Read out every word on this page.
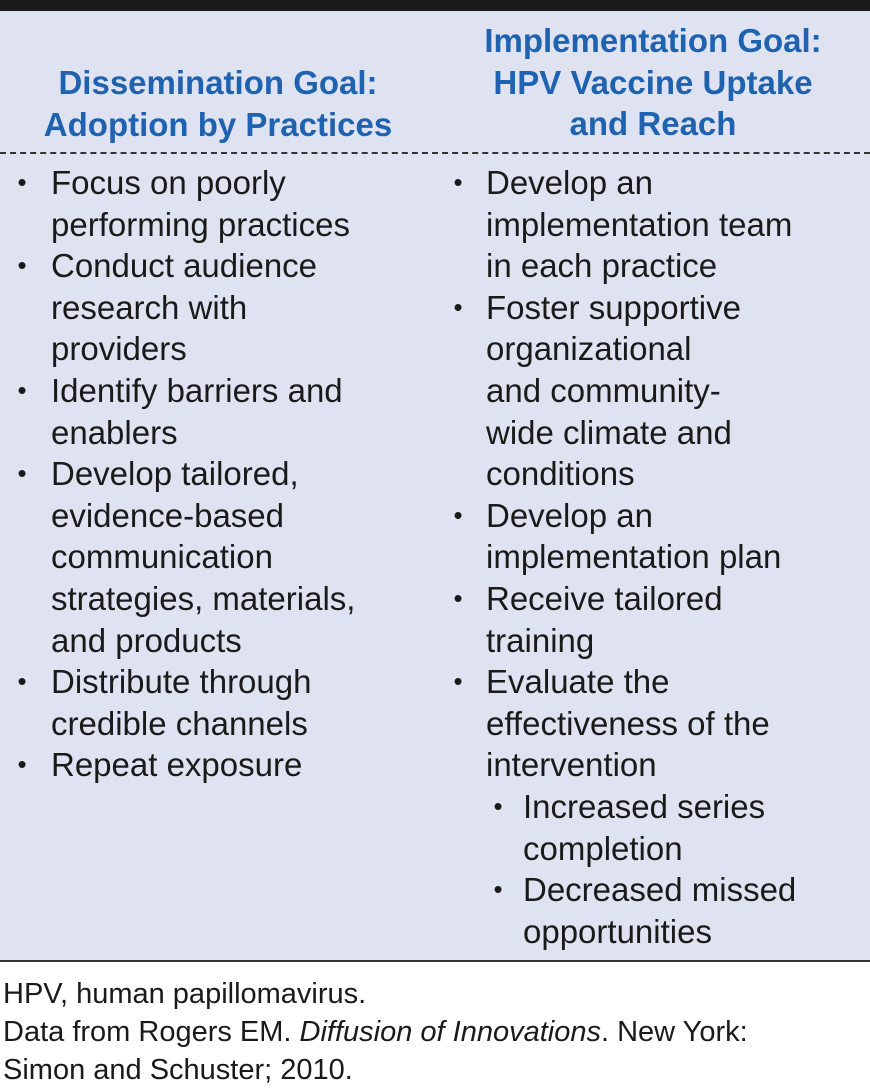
Dissemination Goal:
Adoption by Practices

Implementation Goal:
HPV Vaccine Uptake
and Reach

• Focus on poorly
performing practices
• Conduct audience
research with
providers
• Identify barriers and
enablers
• Develop tailored,
evidence-based
communication
strategies, materials,
and products
• Distribute through
credible channels
• Repeat exposure
• Develop an
implementation team
in each practice
• Foster supportive
organizational
and community-
wide climate and
conditions
• Develop an
implementation plan
• Receive tailored
training
• Evaluate the
effectiveness of the
intervention
• Increased series
completion
• Decreased missed
opportunities

HPV, human papillomavirus.

Data from Rogers EM. Diffusion of Innovations. New York:
Simon and Schuster; 2010.
